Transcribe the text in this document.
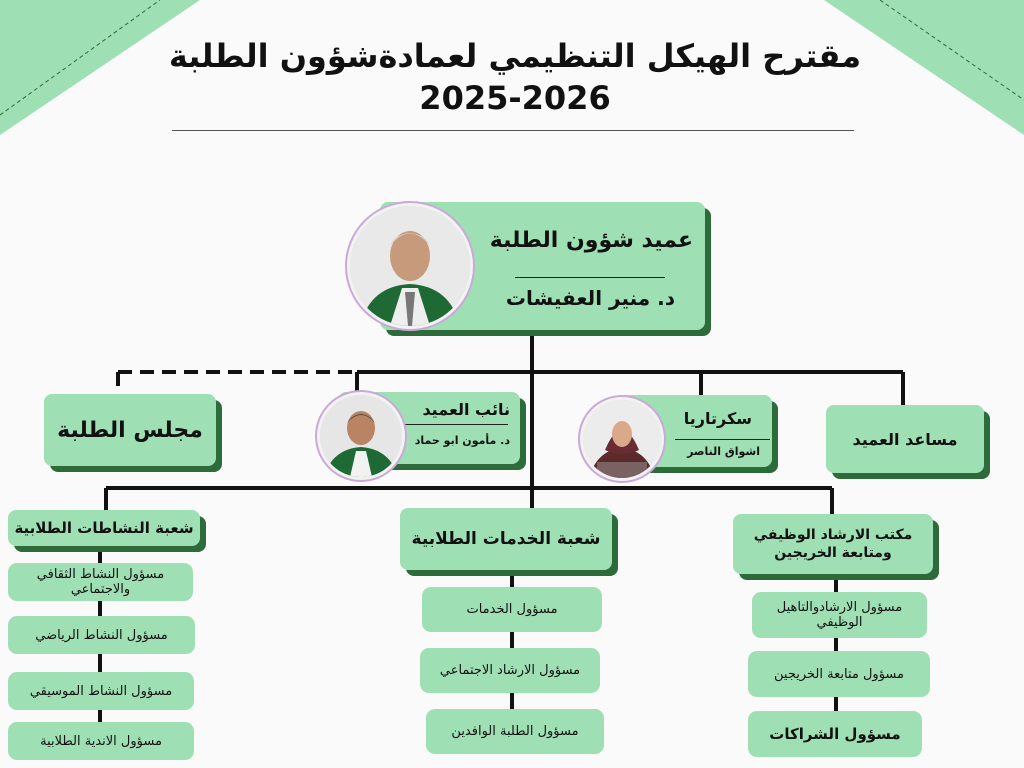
مقترح الهيكل التنظيمي لعمادةشؤون الطلبة
2025-2026
عميد شؤون الطلبة
د. منير العفيشات
مجلس الطلبة
نائب العميد
د. مأمون ابو حماد
سكرتاريا
اشواق الناصر
مساعد العميد
شعبة النشاطات الطلابية
شعبة الخدمات الطلابية	مكتب الارشاد الوظيفي ومتابعة الخريجين
مسؤول النشاط الثقافي والاجتماعي
مسؤول النشاط الرياضي
مسؤول النشاط الموسيقي
مسؤول الاندية الطلابية
مسؤول الخدمات
مسؤول الارشاد الاجتماعي
مسؤول الطلبة الوافدين
مسؤول الارشادوالتاهيل الوظيفي
مسؤول متابعة الخريجين
مسؤول الشراكات
